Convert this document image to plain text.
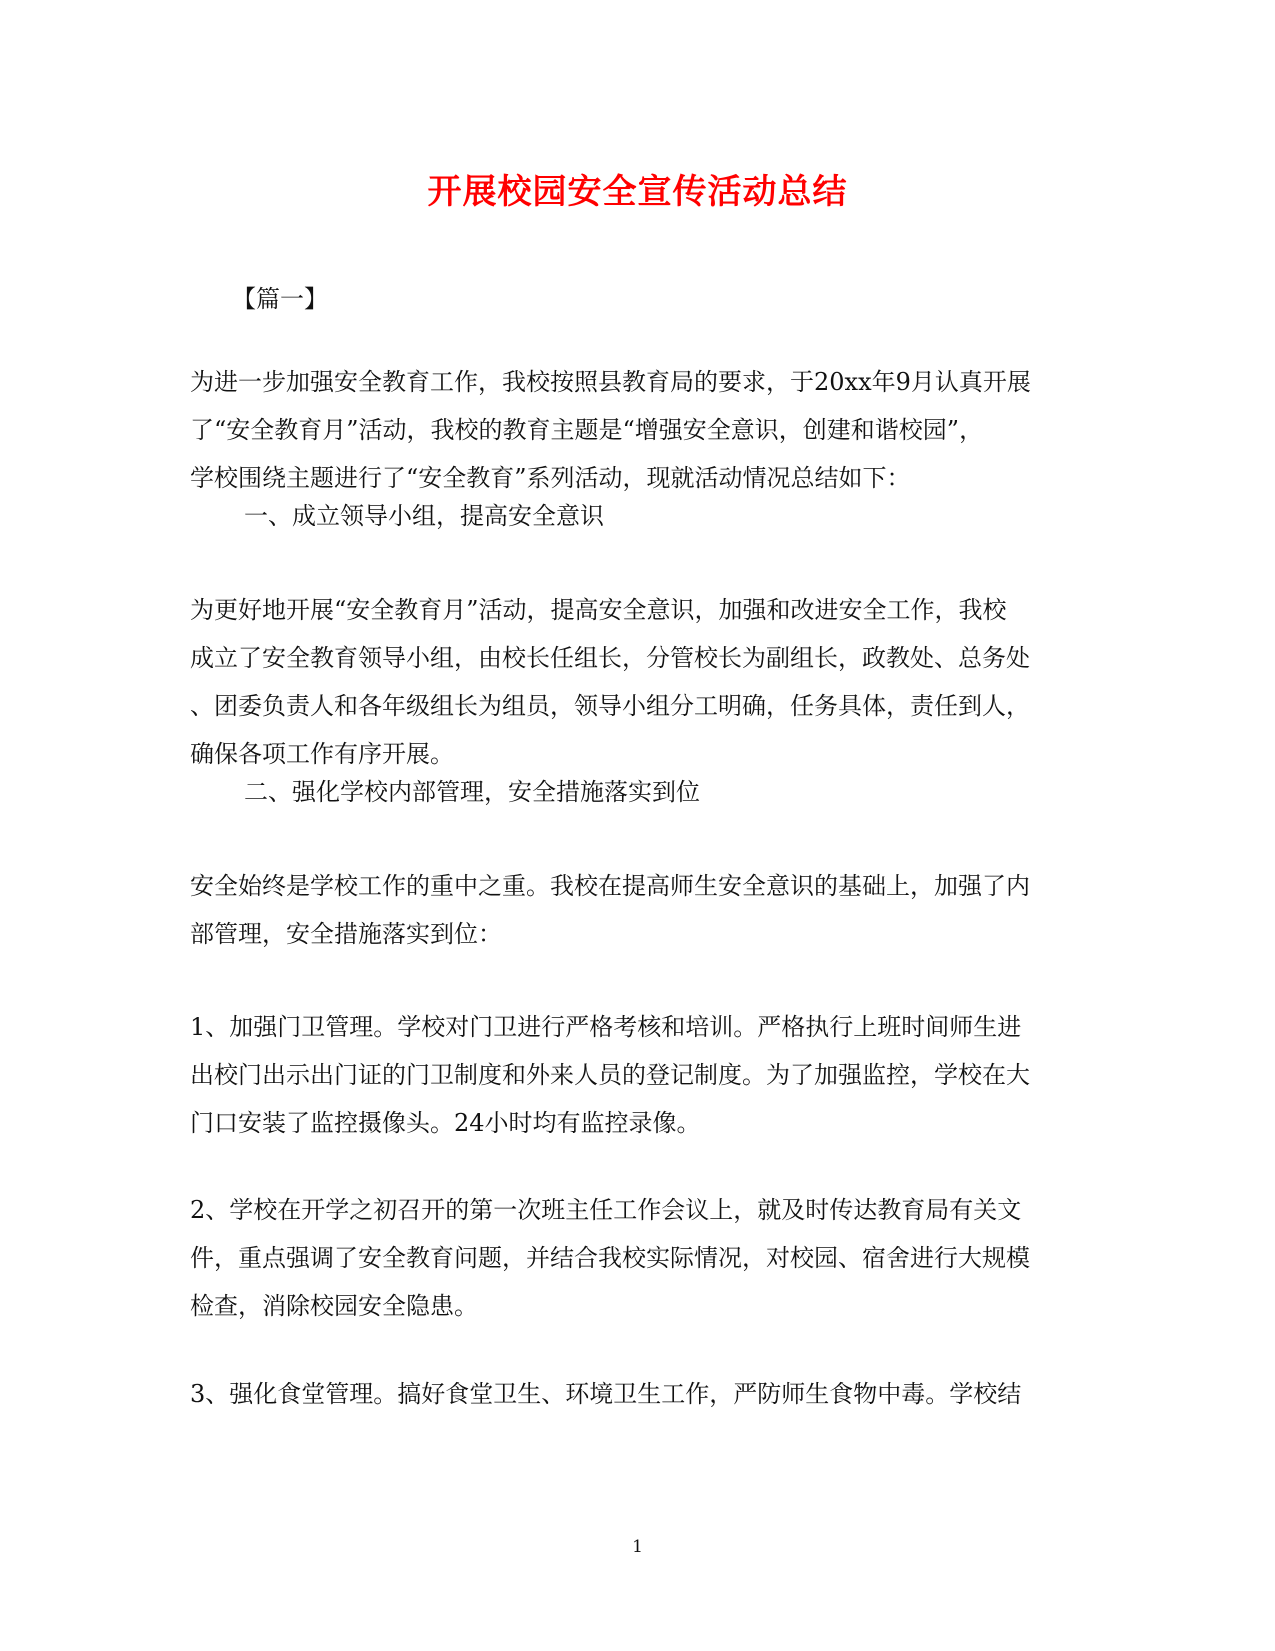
开展校园安全宣传活动总结
【篇一】
为进一步加强安全教育工作，我校按照县教育局的要求，于20xx年9月认真开展
了“安全教育月”活动，我校的教育主题是“增强安全意识，创建和谐校园”，
学校围绕主题进行了“安全教育”系列活动，现就活动情况总结如下：
一、成立领导小组，提高安全意识
为更好地开展“安全教育月”活动，提高安全意识，加强和改进安全工作，我校
成立了安全教育领导小组，由校长任组长，分管校长为副组长，政教处、总务处
、团委负责人和各年级组长为组员，领导小组分工明确，任务具体，责任到人，
确保各项工作有序开展。
二、强化学校内部管理，安全措施落实到位
安全始终是学校工作的重中之重。我校在提高师生安全意识的基础上，加强了内
部管理，安全措施落实到位：
1、加强门卫管理。学校对门卫进行严格考核和培训。严格执行上班时间师生进
出校门出示出门证的门卫制度和外来人员的登记制度。为了加强监控，学校在大
门口安装了监控摄像头。24小时均有监控录像。
2、学校在开学之初召开的第一次班主任工作会议上，就及时传达教育局有关文
件，重点强调了安全教育问题，并结合我校实际情况，对校园、宿舍进行大规模
检查，消除校园安全隐患。
3、强化食堂管理。搞好食堂卫生、环境卫生工作，严防师生食物中毒。学校结
1
